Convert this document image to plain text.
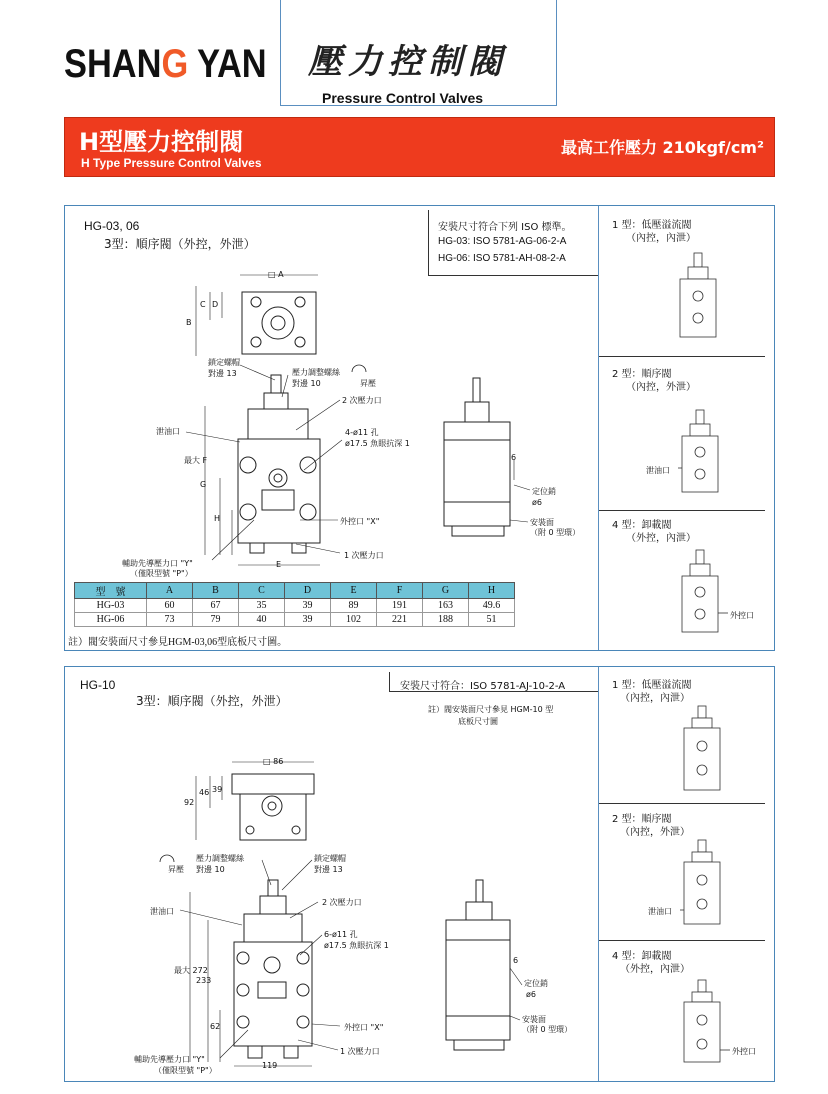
SHANG YAN 壓力控制閥
Pressure Control Valves
H型壓力控制閥
H Type Pressure Control Valves
最高工作壓力 210kgf/cm²
HG-03, 06
3型：順序閥（外控，外泄）
安裝尺寸符合下列 ISO 標準。
HG-03: ISO 5781-AG-06-2-A
HG-06: ISO 5781-AH-08-2-A
□ A
B
C D
鎖定螺帽
對邊 13	壓力調整螺絲
對邊 10	昇壓
2 次壓力口
泄油口	4-ø11 孔
ø17.5 魚眼抗深 1
最大 F
G
H	外控口 "X"
1 次壓力口
E
輔助先導壓力口 "Y"
（僅限型號 "P"）
6
定位銷
ø6
安裝面
（附 0 型環）
型　號	A	B	C	D	E	F	G	H
HG-03	60	67	35	39	89	191	163	49.6
HG-06	73	79	40	39	102	221	188	51
註）閥安裝面尺寸參見HGM-03,06型底板尺寸圖。
1 型：低壓溢流閥
（內控，內泄）
2 型：順序閥
（內控，外泄）
泄油口
4 型：卸載閥
（外控，內泄）
外控口
HG-10
3型：順序閥（外控，外泄）
安裝尺寸符合：ISO 5781-AJ-10-2-A
註）閥安裝面尺寸參見 HGM-10 型
底板尺寸圖
□ 86
92
46 39
壓力調整螺絲
對邊 10
昇壓
鎖定螺帽
對邊 13
2 次壓力口
泄油口
6-ø11 孔
ø17.5 魚眼抗深 1
最大 272
233
62	外控口 "X"
1 次壓力口
輔助先導壓力口 "Y"
（僅限型號 "P"）
119
6
定位銷
ø6
安裝面
（附 0 型環）
1 型：低壓溢流閥
（內控，內泄）
2 型：順序閥
（內控，外泄）
泄油口
4 型：卸載閥
（外控，內泄）
外控口
